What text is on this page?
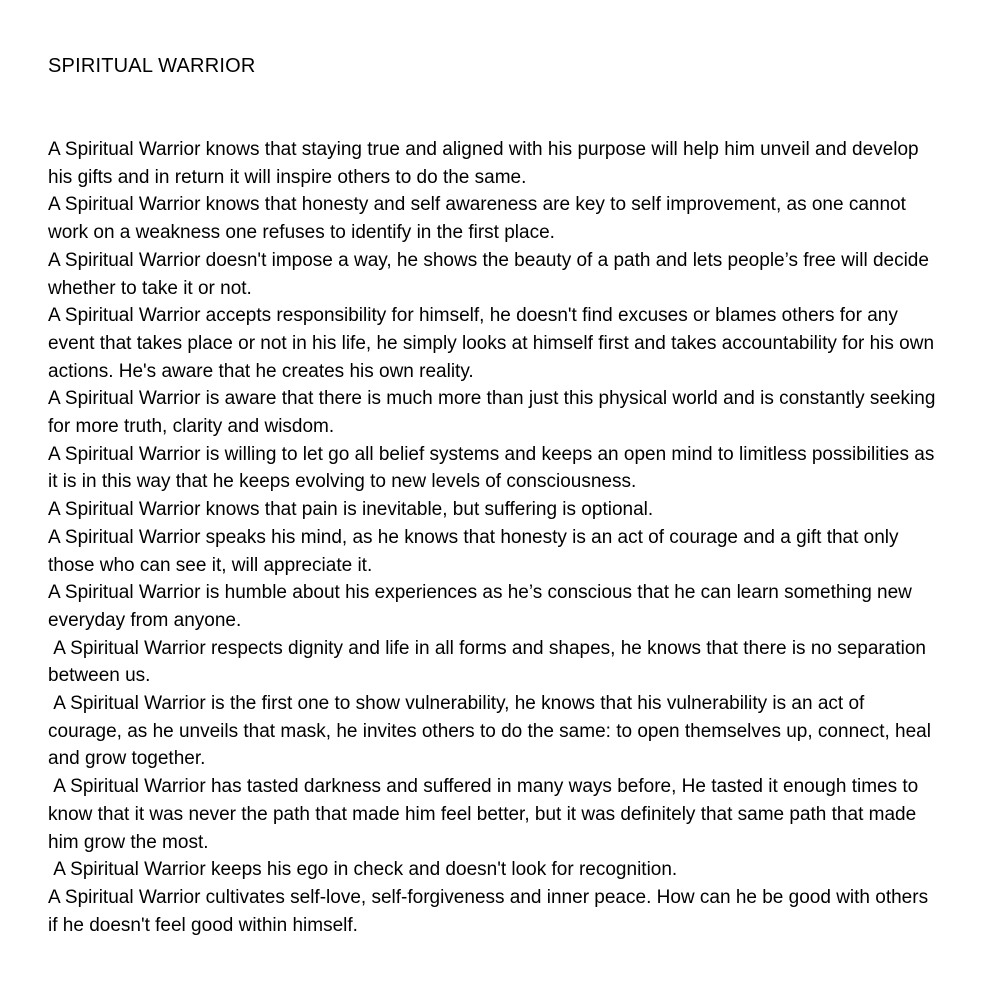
SPIRITUAL WARRIOR

A Spiritual Warrior knows that staying true and aligned with his purpose will help him unveil and develop his gifts and in return it will inspire others to do the same.

A Spiritual Warrior knows that honesty and self awareness are key to self improvement, as one cannot work on a weakness one refuses to identify in the first place.

A Spiritual Warrior doesn't impose a way, he shows the beauty of a path and lets people’s free will decide whether to take it or not.

A Spiritual Warrior accepts responsibility for himself, he doesn't find excuses or blames others for any event that takes place or not in his life, he simply looks at himself first and takes accountability for his own actions. He's aware that he creates his own reality.

A Spiritual Warrior is aware that there is much more than just this physical world and is constantly seeking for more truth, clarity and wisdom.

A Spiritual Warrior is willing to let go all belief systems and keeps an open mind to limitless possibilities as it is in this way that he keeps evolving to new levels of consciousness.

A Spiritual Warrior knows that pain is inevitable, but suffering is optional.

A Spiritual Warrior speaks his mind, as he knows that honesty is an act of courage and a gift that only those who can see it, will appreciate it.

A Spiritual Warrior is humble about his experiences as he’s conscious that he can learn something new everyday from anyone.

A Spiritual Warrior respects dignity and life in all forms and shapes, he knows that there is no separation between us.

A Spiritual Warrior is the first one to show vulnerability, he knows that his vulnerability is an act of courage, as he unveils that mask, he invites others to do the same: to open themselves up, connect, heal and grow together.

A Spiritual Warrior has tasted darkness and suffered in many ways before, He tasted it enough times to know that it was never the path that made him feel better, but it was definitely that same path that made him grow the most.

A Spiritual Warrior keeps his ego in check and doesn't look for recognition.

A Spiritual Warrior cultivates self-love, self-forgiveness and inner peace. How can he be good with others if he doesn't feel good within himself.
